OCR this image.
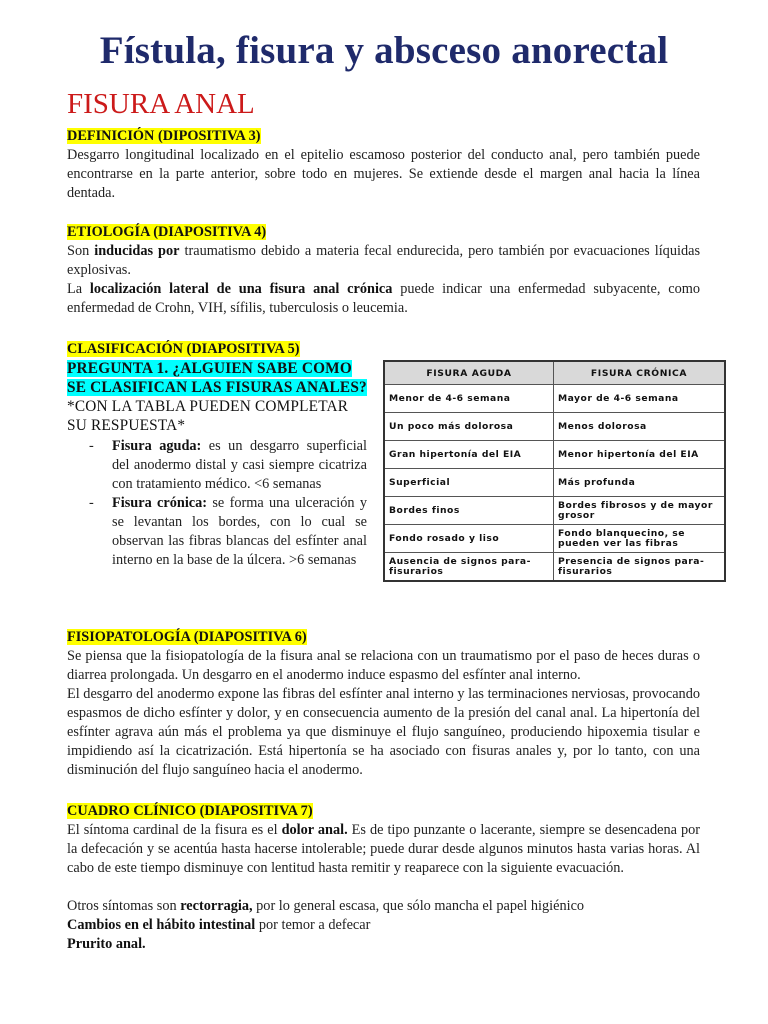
Fístula, fisura y absceso anorectal
FISURA ANAL

DEFINICIÓN (DIPOSITIVA 3)

Desgarro longitudinal localizado en el epitelio escamoso posterior del conducto anal, pero también puede encontrarse en la parte anterior, sobre todo en mujeres. Se extiende desde el margen anal hacia la línea dentada.

ETIOLOGÍA (DIAPOSITIVA 4)

Son inducidas por traumatismo debido a materia fecal endurecida, pero también por evacuaciones líquidas explosivas.

La localización lateral de una fisura anal crónica puede indicar una enfermedad subyacente, como enfermedad de Crohn, VIH, sífilis, tuberculosis o leucemia.

CLASIFICACIÓN (DIAPOSITIVA 5)

PREGUNTA 1. ¿ALGUIEN SABE COMO

SE CLASIFICAN LAS FISURAS ANALES?

*CON LA TABLA PUEDEN COMPLETAR SU RESPUESTA*

- Fisura aguda: es un desgarro superficial del anodermo distal y casi siempre cicatriza con tratamiento médico. <6 semanas
- Fisura crónica: se forma una ulceración y se levantan los bordes, con lo cual se observan las fibras blancas del esfínter anal interno en la base de la úlcera. >6 semanas
FISURA AGUDA	FISURA CRÓNICA
Menor de 4-6 semana	Mayor de 4-6 semana
Un poco más dolorosa	Menos dolorosa
Gran hipertonía del EIA	Menor hipertonía del EIA
Superficial	Más profunda
Bordes finos	Bordes fibrosos y de mayor grosor
Fondo rosado y liso	Fondo blanquecino, se pueden ver las fibras
Ausencia de signos para-fisurarios	Presencia de signos para-fisurarios

FISIOPATOLOGÍA (DIAPOSITIVA 6)

Se piensa que la fisiopatología de la fisura anal se relaciona con un traumatismo por el paso de heces duras o diarrea prolongada. Un desgarro en el anodermo induce espasmo del esfínter anal interno.

El desgarro del anodermo expone las fibras del esfínter anal interno y las terminaciones nerviosas, provocando espasmos de dicho esfínter y dolor, y en consecuencia aumento de la presión del canal anal. La hipertonía del esfínter agrava aún más el problema ya que disminuye el flujo sanguíneo, produciendo hipoxemia tisular e impidiendo así la cicatrización. Está hipertonía se ha asociado con fisuras anales y, por lo tanto, con una disminución del flujo sanguíneo hacia el anodermo.

CUADRO CLÍNICO (DIAPOSITIVA 7)

El síntoma cardinal de la fisura es el dolor anal. Es de tipo punzante o lacerante, siempre se desencadena por la defecación y se acentúa hasta hacerse intolerable; puede durar desde algunos minutos hasta varias horas. Al cabo de este tiempo disminuye con lentitud hasta remitir y reaparece con la siguiente evacuación.

Otros síntomas son rectorragia, por lo general escasa, que sólo mancha el papel higiénico

Cambios en el hábito intestinal por temor a defecar

Prurito anal.
